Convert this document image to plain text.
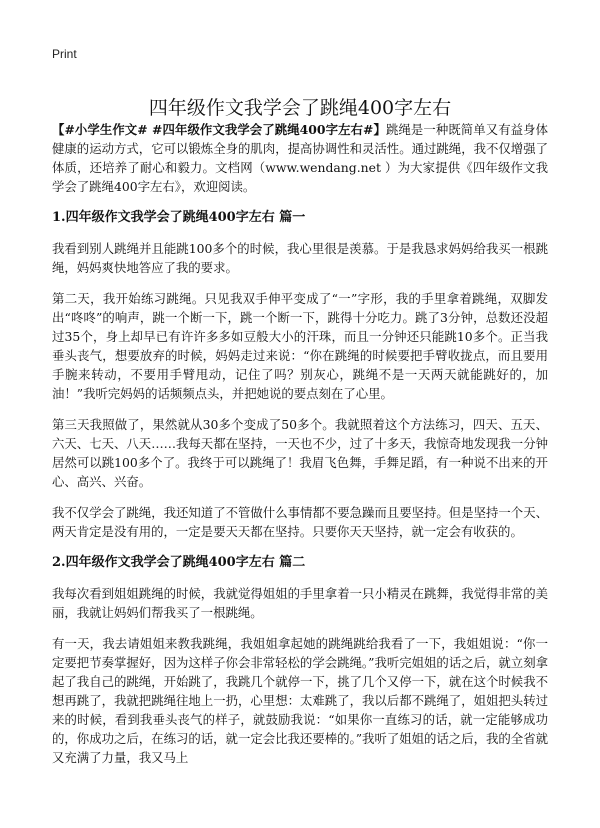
Print
四年级作文我学会了跳绳400字左右

【#小学生作文# #四年级作文我学会了跳绳400字左右#】跳绳是一种既简单又有益身体健康的运动方式，它可以锻炼全身的肌肉，提高协调性和灵活性。通过跳绳，我不仅增强了体质，还培养了耐心和毅力。文档网（www.wendang.net ）为大家提供《四年级作文我学会了跳绳400字左右》，欢迎阅读。

1.四年级作文我学会了跳绳400字左右 篇一

我看到别人跳绳并且能跳100多个的时候，我心里很是羡慕。于是我恳求妈妈给我买一根跳绳，妈妈爽快地答应了我的要求。

第二天，我开始练习跳绳。只见我双手伸平变成了“一”字形，我的手里拿着跳绳，双脚发出“咚咚”的响声，跳一个断一下，跳一个断一下，跳得十分吃力。跳了3分钟，总数还没超过35个，身上却早已有许许多多如豆般大小的汗珠，而且一分钟还只能跳10多个。正当我垂头丧气，想要放弃的时候，妈妈走过来说：“你在跳绳的时候要把手臂收拢点，而且要用手腕来转动，不要用手臂甩动，记住了吗？别灰心，跳绳不是一天两天就能跳好的，加油！”我听完妈妈的话频频点头，并把她说的要点刻在了心里。

第三天我照做了，果然就从30多个变成了50多个。我就照着这个方法练习，四天、五天、六天、七天、八天……我每天都在坚持，一天也不少，过了十多天，我惊奇地发现我一分钟居然可以跳100多个了。我终于可以跳绳了！我眉飞色舞，手舞足蹈，有一种说不出来的开心、高兴、兴奋。

我不仅学会了跳绳，我还知道了不管做什么事情都不要急躁而且要坚持。但是坚持一个天、两天肯定是没有用的，一定是要天天都在坚持。只要你天天坚持，就一定会有收获的。

2.四年级作文我学会了跳绳400字左右 篇二

我每次看到姐姐跳绳的时候，我就觉得姐姐的手里拿着一只小精灵在跳舞，我觉得非常的美丽，我就让妈妈们帮我买了一根跳绳。

有一天，我去请姐姐来教我跳绳，我姐姐拿起她的跳绳跳给我看了一下，我姐姐说：“你一定要把节奏掌握好，因为这样子你会非常轻松的学会跳绳。”我听完姐姐的话之后，就立刻拿起了我自己的跳绳，开始跳了，我跳几个就停一下，挑了几个又停一下，就在这个时候我不想再跳了，我就把跳绳往地上一扔，心里想：太难跳了，我以后都不跳绳了，姐姐把头转过来的时候，看到我垂头丧气的样子，就鼓励我说：“如果你一直练习的话，就一定能够成功的，你成功之后，在练习的话，就一定会比我还要棒的。”我听了姐姐的话之后，我的全省就又充满了力量，我又马上
